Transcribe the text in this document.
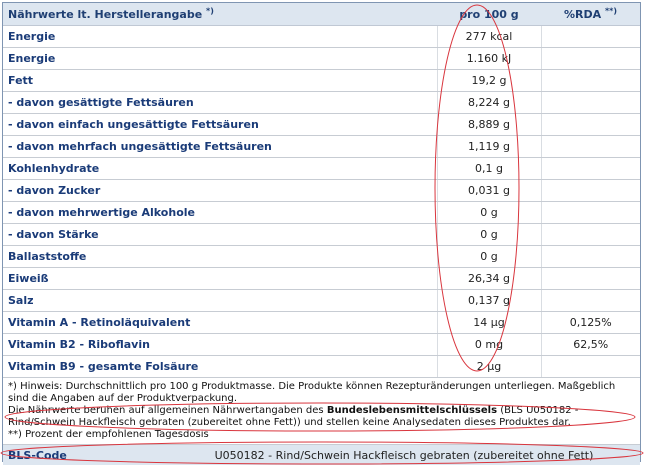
Nährwerte lt. Herstellerangabe *)	pro 100 g	%RDA **)
Energie	277 kcal	
Energie	1.160 kJ	
Fett	19,2 g	
- davon gesättigte Fettsäuren	8,224 g	
- davon einfach ungesättigte Fettsäuren	8,889 g	
- davon mehrfach ungesättigte Fettsäuren	1,119 g	
Kohlenhydrate	0,1 g	
- davon Zucker	0,031 g	
- davon mehrwertige Alkohole	0 g	
- davon Stärke	0 g	
Ballaststoffe	0 g	
Eiweiß	26,34 g	
Salz	0,137 g	
Vitamin A - Retinoläquivalent	14 µg	0,125%
Vitamin B2 - Riboflavin	0 mg	62,5%
Vitamin B9 - gesamte Folsäure	2 µg	
*) Hinweis: Durchschnittlich pro 100 g Produktmasse. Die Produkte können Rezepturänderungen unterliegen. Maßgeblich sind die Angaben auf der Produktverpackung.
Die Nährwerte beruhen auf allgemeinen Nährwertangaben des Bundeslebensmittelschlüssels (BLS U050182 - Rind/Schwein Hackfleisch gebraten (zubereitet ohne Fett)) und stellen keine Analysedaten dieses Produktes dar.
**) Prozent der empfohlenen Tagesdosis
BLS-Code	U050182 - Rind/Schwein Hackfleisch gebraten (zubereitet ohne Fett)
